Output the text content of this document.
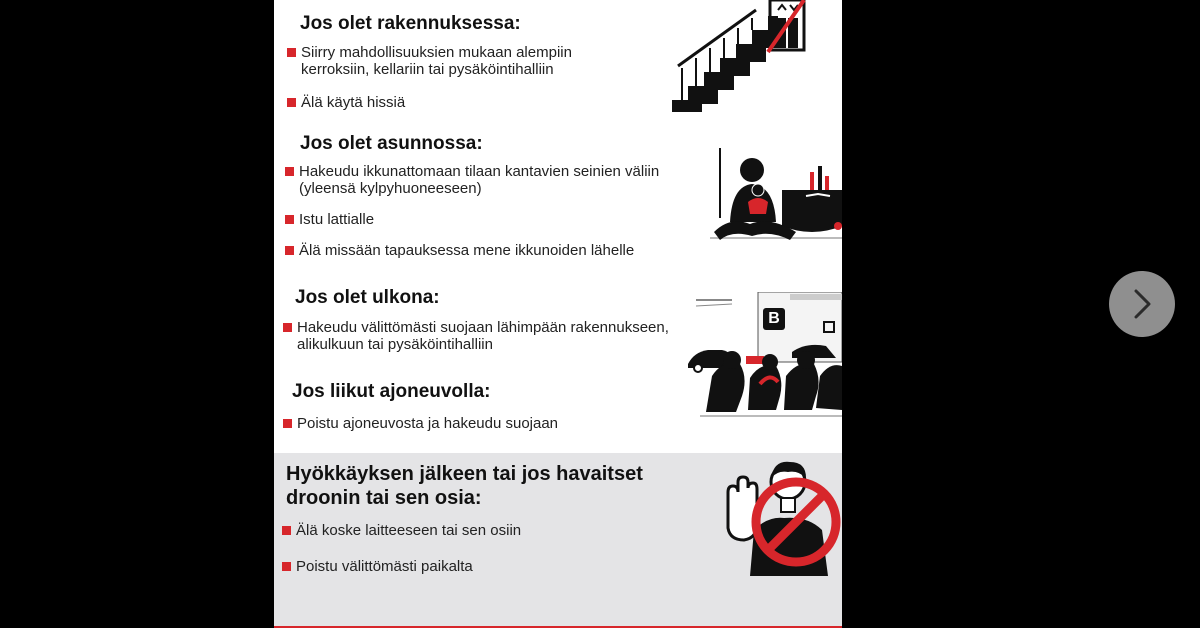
Jos olet rakennuksessa:
Siirry mahdollisuuksien mukaan alempiin kerroksiin, kellariin tai pysäköintihalliin
Älä käytä hissiä
Jos olet asunnossa:
Hakeudu ikkunattomaan tilaan kantavien seinien väliin (yleensä kylpyhuoneeseen)
Istu lattialle
Älä missään tapauksessa mene ikkunoiden lähelle
Jos olet ulkona:
Hakeudu välittömästi suojaan lähimpään rakennukseen, alikulkuun tai pysäköintihalliin
Jos liikut ajoneuvolla:
Poistu ajoneuvosta ja hakeudu suojaan
B
Hyökkäyksen jälkeen tai jos havaitset droonin tai sen osia:
Älä koske laitteeseen tai sen osiin
Poistu välittömästi paikalta
